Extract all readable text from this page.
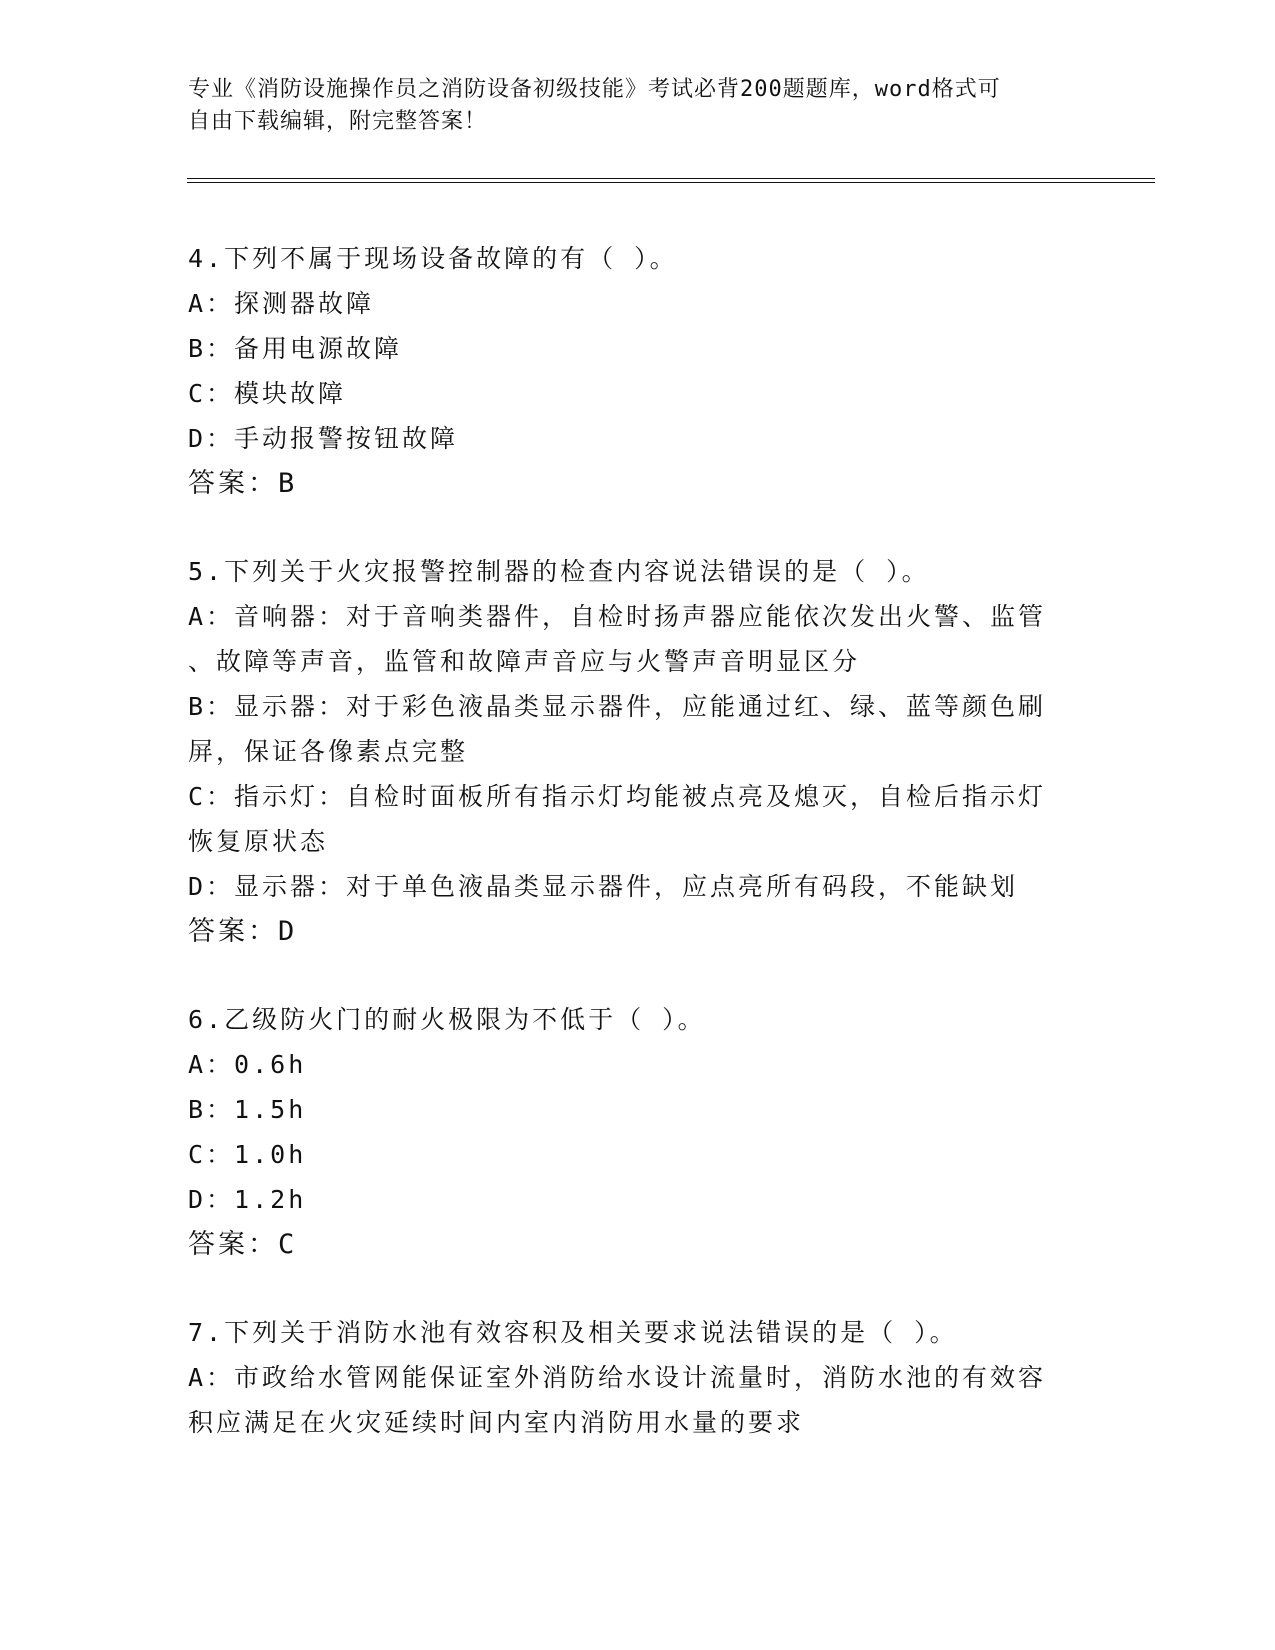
专业《消防设施操作员之消防设备初级技能》考试必背200题题库，word格式可
自由下载编辑，附完整答案！
4.下列不属于现场设备故障的有（ ）。
A：探测器故障
B：备用电源故障
C：模块故障
D：手动报警按钮故障
答案：B
5.下列关于火灾报警控制器的检查内容说法错误的是（ ）。
A：音响器：对于音响类器件，自检时扬声器应能依次发出火警、监管
、故障等声音，监管和故障声音应与火警声音明显区分
B：显示器：对于彩色液晶类显示器件，应能通过红、绿、蓝等颜色刷
屏，保证各像素点完整
C：指示灯：自检时面板所有指示灯均能被点亮及熄灭，自检后指示灯
恢复原状态
D：显示器：对于单色液晶类显示器件，应点亮所有码段，不能缺划
答案：D
6.乙级防火门的耐火极限为不低于（ ）。
A：0.6h
B：1.5h
C：1.0h
D：1.2h
答案：C
7.下列关于消防水池有效容积及相关要求说法错误的是（ ）。
A：市政给水管网能保证室外消防给水设计流量时，消防水池的有效容
积应满足在火灾延续时间内室内消防用水量的要求
